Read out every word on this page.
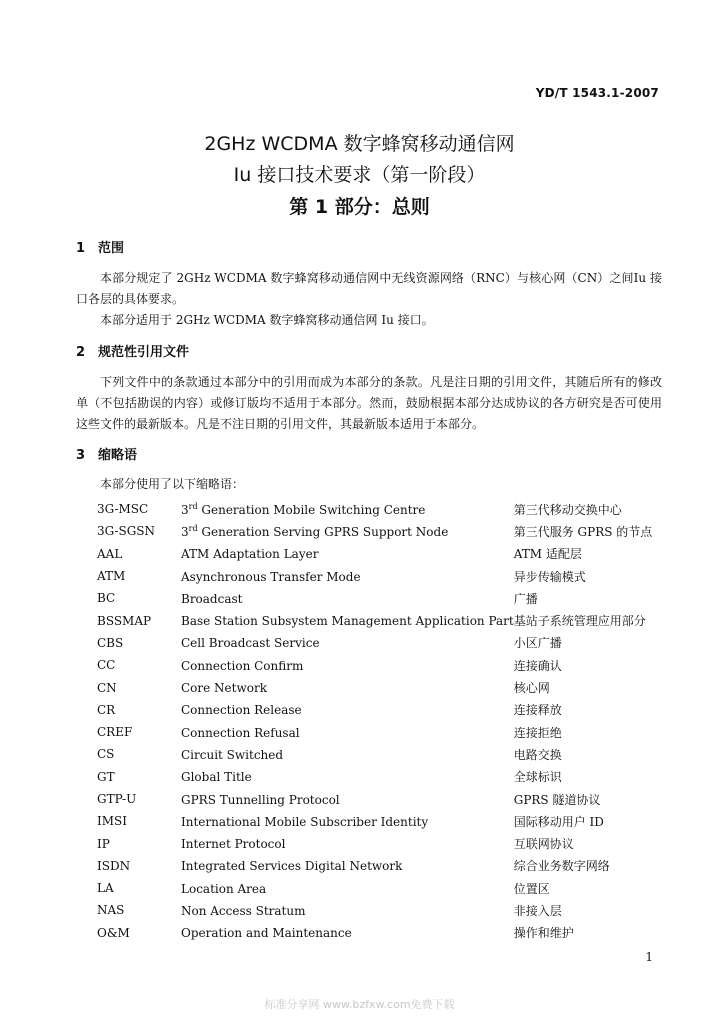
YD/T 1543.1-2007
2GHz WCDMA 数字蜂窝移动通信网
Iu 接口技术要求（第一阶段）
第 1 部分：总则
1 范围

本部分规定了 2GHz WCDMA 数字蜂窝移动通信网中无线资源网络（RNC）与核心网（CN）之间Iu 接口各层的具体要求。

本部分适用于 2GHz WCDMA 数字蜂窝移动通信网 Iu 接口。

2 规范性引用文件

下列文件中的条款通过本部分中的引用而成为本部分的条款。凡是注日期的引用文件，其随后所有的修改单（不包括勘误的内容）或修订版均不适用于本部分。然而，鼓励根据本部分达成协议的各方研究是否可使用这些文件的最新版本。凡是不注日期的引用文件，其最新版本适用于本部分。

3 缩略语

本部分使用了以下缩略语：

3G-MSC	3rd Generation Mobile Switching Centre	第三代移动交换中心
3G-SGSN	3rd Generation Serving GPRS Support Node	第三代服务 GPRS 的节点
AAL	ATM Adaptation Layer	ATM 适配层
ATM	Asynchronous Transfer Mode	异步传输模式
BC	Broadcast	广播
BSSMAP	Base Station Subsystem Management Application Part	基站子系统管理应用部分
CBS	Cell Broadcast Service	小区广播
CC	Connection Confirm	连接确认
CN	Core Network	核心网
CR	Connection Release	连接释放
CREF	Connection Refusal	连接拒绝
CS	Circuit Switched	电路交换
GT	Global Title	全球标识
GTP-U	GPRS Tunnelling Protocol	GPRS 隧道协议
IMSI	International Mobile Subscriber Identity	国际移动用户 ID
IP	Internet Protocol	互联网协议
ISDN	Integrated Services Digital Network	综合业务数字网络
LA	Location Area	位置区
NAS	Non Access Stratum	非接入层
O&M	Operation and Maintenance	操作和维护
1
标准分享网 www.bzfxw.com免费下载
